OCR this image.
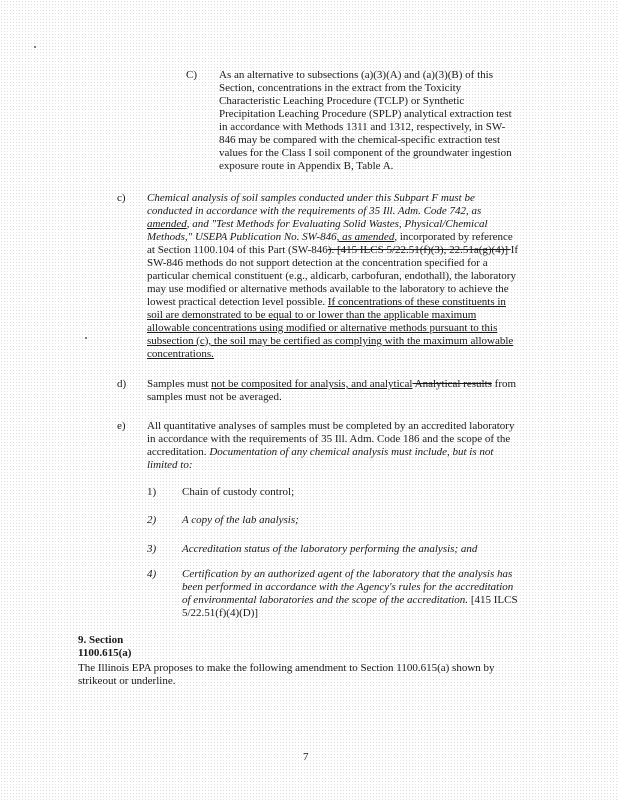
C) As an alternative to subsections (a)(3)(A) and (a)(3)(B) of this Section, concentrations in the extract from the Toxicity Characteristic Leaching Procedure (TCLP) or Synthetic Precipitation Leaching Procedure (SPLP) analytical extraction test in accordance with Methods 1311 and 1312, respectively, in SW-846 may be compared with the chemical-specific extraction test values for the Class I soil component of the groundwater ingestion exposure route in Appendix B, Table A.

c) Chemical analysis of soil samples conducted under this Subpart F must be conducted in accordance with the requirements of 35 Ill. Adm. Code 742, as amended, and "Test Methods for Evaluating Solid Wastes, Physical/Chemical Methods," USEPA Publication No. SW-846, as amended, incorporated by reference at Section 1100.104 of this Part (SW-846). [415 ILCS 5/22.51(f)(3), 22.51a(g)(4)] If SW-846 methods do not support detection at the concentration specified for a particular chemical constituent (e.g., aldicarb, carbofuran, endothall), the laboratory may use modified or alternative methods available to the laboratory to achieve the lowest practical detection level possible. If concentrations of these constituents in soil are demonstrated to be equal to or lower than the applicable maximum allowable concentrations using modified or alternative methods pursuant to this subsection (c), the soil may be certified as complying with the maximum allowable concentrations.

d) Samples must not be composited for analysis, and analytical Analytical results from samples must not be averaged.

e) All quantitative analyses of samples must be completed by an accredited laboratory in accordance with the requirements of 35 Ill. Adm. Code 186 and the scope of the accreditation. Documentation of any chemical analysis must include, but is not limited to:

1) Chain of custody control;
2) A copy of the lab analysis;
3) Accreditation status of the laboratory performing the analysis; and
4) Certification by an authorized agent of the laboratory that the analysis has been performed in accordance with the Agency's rules for the accreditation of environmental laboratories and the scope of the accreditation. [415 ILCS 5/22.51(f)(4)(D)]

9. Section 1100.615(a)

The Illinois EPA proposes to make the following amendment to Section 1100.615(a) shown by strikeout or underline.

7
